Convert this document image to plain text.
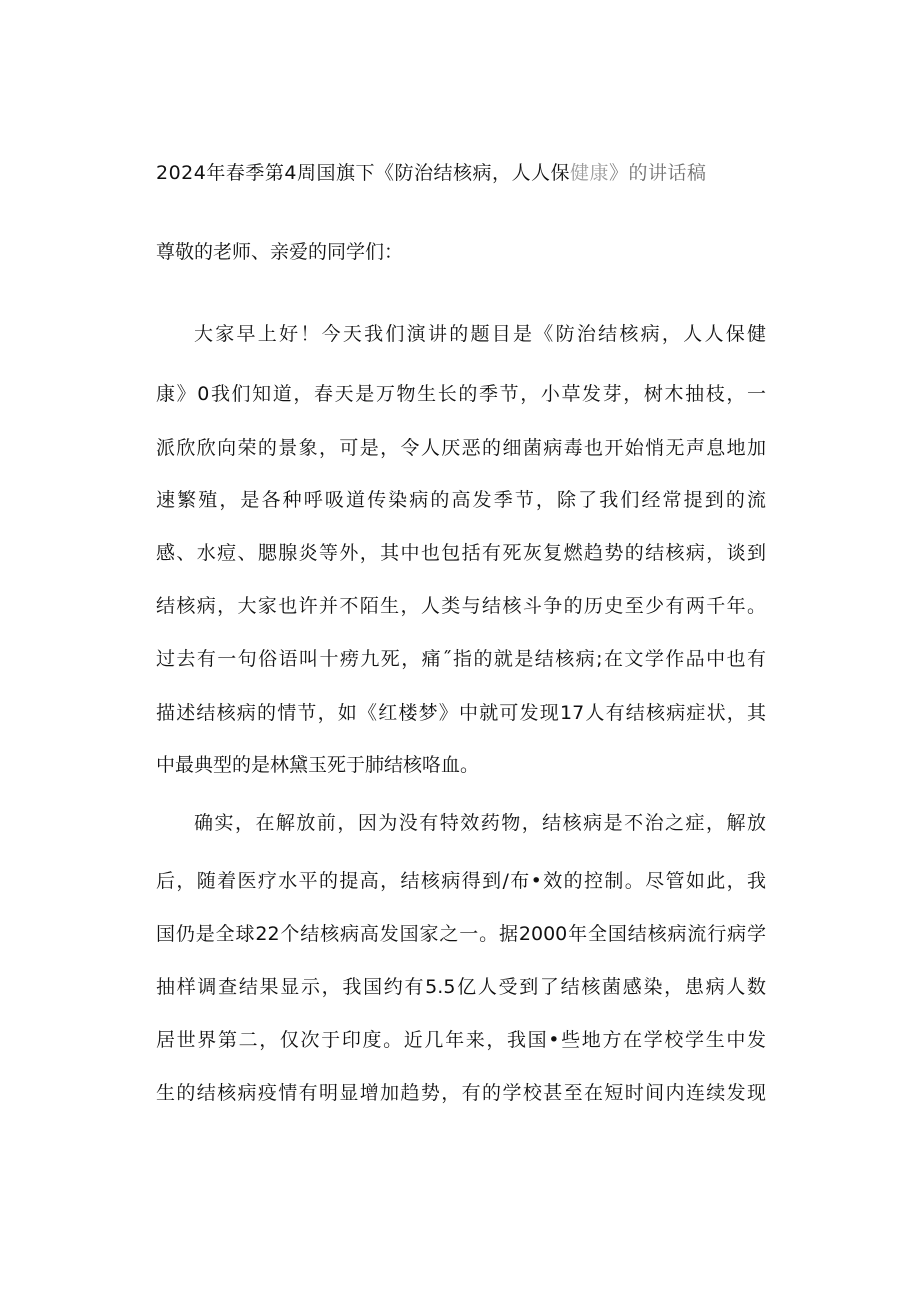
2024年春季第4周国旗下《防治结核病，人人保健康》的讲话稿
尊敬的老师、亲爱的同学们：
大家早上好！今天我们演讲的题目是《防治结核病，人人保健
康》0我们知道，春天是万物生长的季节，小草发芽，树木抽枝，一
派欣欣向荣的景象，可是，令人厌恶的细菌病毒也开始悄无声息地加
速繁殖，是各种呼吸道传染病的高发季节，除了我们经常提到的流
感、水痘、腮腺炎等外，其中也包括有死灰复燃趋势的结核病，谈到
结核病，大家也许并不陌生，人类与结核斗争的历史至少有两千年。
过去有一句俗语叫十痨九死，痛˝指的就是结核病;在文学作品中也有
描述结核病的情节，如《红楼梦》中就可发现17人有结核病症状，其
中最典型的是林黛玉死于肺结核咯血。
确实，在解放前，因为没有特效药物，结核病是不治之症，解放
后，随着医疗水平的提高，结核病得到/布•效的控制。尽管如此，我
国仍是全球22个结核病高发国家之一。据2000年全国结核病流行病学
抽样调查结果显示，我国约有5.5亿人受到了结核菌感染，患病人数
居世界第二，仅次于印度。近几年来，我国•些地方在学校学生中发
生的结核病疫情有明显增加趋势，有的学校甚至在短时间内连续发现
